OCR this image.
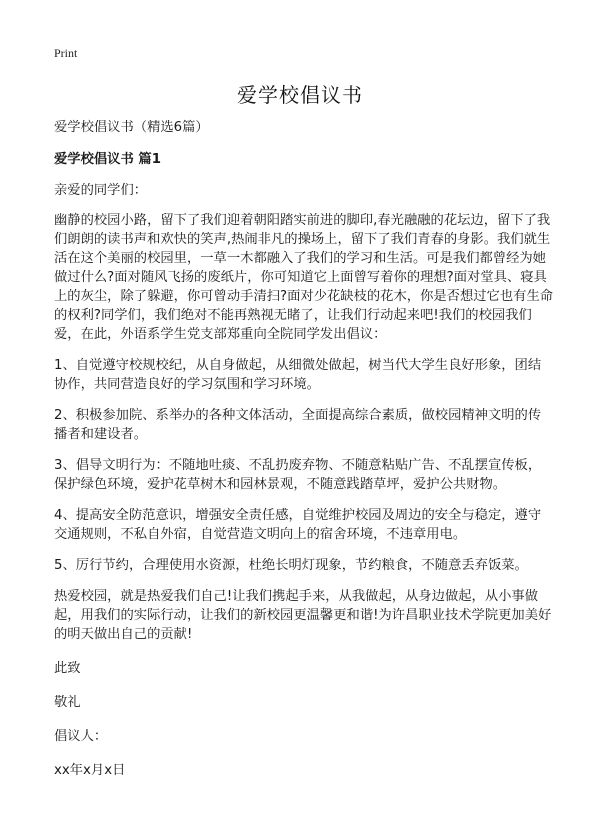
Print
爱学校倡议书

爱学校倡议书（精选6篇）

爱学校倡议书 篇1

亲爱的同学们：

幽静的校园小路，留下了我们迎着朝阳踏实前进的脚印,春光融融的花坛边，留下了我们朗朗的读书声和欢快的笑声,热闹非凡的操场上，留下了我们青春的身影。我们就生活在这个美丽的校园里，一草一木都融入了我们的学习和生活。可是我们都曾经为她做过什么?面对随风飞扬的废纸片，你可知道它上面曾写着你的理想?面对堂具、寝具上的灰尘，除了躲避，你可曾动手清扫?面对少花缺枝的花木，你是否想过它也有生命的权利?同学们，我们绝对不能再熟视无睹了，让我们行动起来吧!我们的校园我们爱，在此，外语系学生党支部郑重向全院同学发出倡议：

1、自觉遵守校规校纪，从自身做起，从细微处做起，树当代大学生良好形象，团结协作，共同营造良好的学习氛围和学习环境。

2、积极参加院、系举办的各种文体活动，全面提高综合素质，做校园精神文明的传播者和建设者。

3、倡导文明行为：不随地吐痰、不乱扔废弃物、不随意粘贴广告、不乱摆宣传板，保护绿色环境，爱护花草树木和园林景观，不随意践踏草坪，爱护公共财物。

4、提高安全防范意识，增强安全责任感，自觉维护校园及周边的安全与稳定，遵守交通规则，不私自外宿，自觉营造文明向上的宿舍环境，不违章用电。

5、厉行节约，合理使用水资源，杜绝长明灯现象，节约粮食，不随意丢弃饭菜。

热爱校园，就是热爱我们自己!让我们携起手来，从我做起，从身边做起，从小事做起，用我们的实际行动，让我们的新校园更温馨更和谐!为许昌职业技术学院更加美好的明天做出自己的贡献!

此致

敬礼

倡议人：

xx年x月x日
